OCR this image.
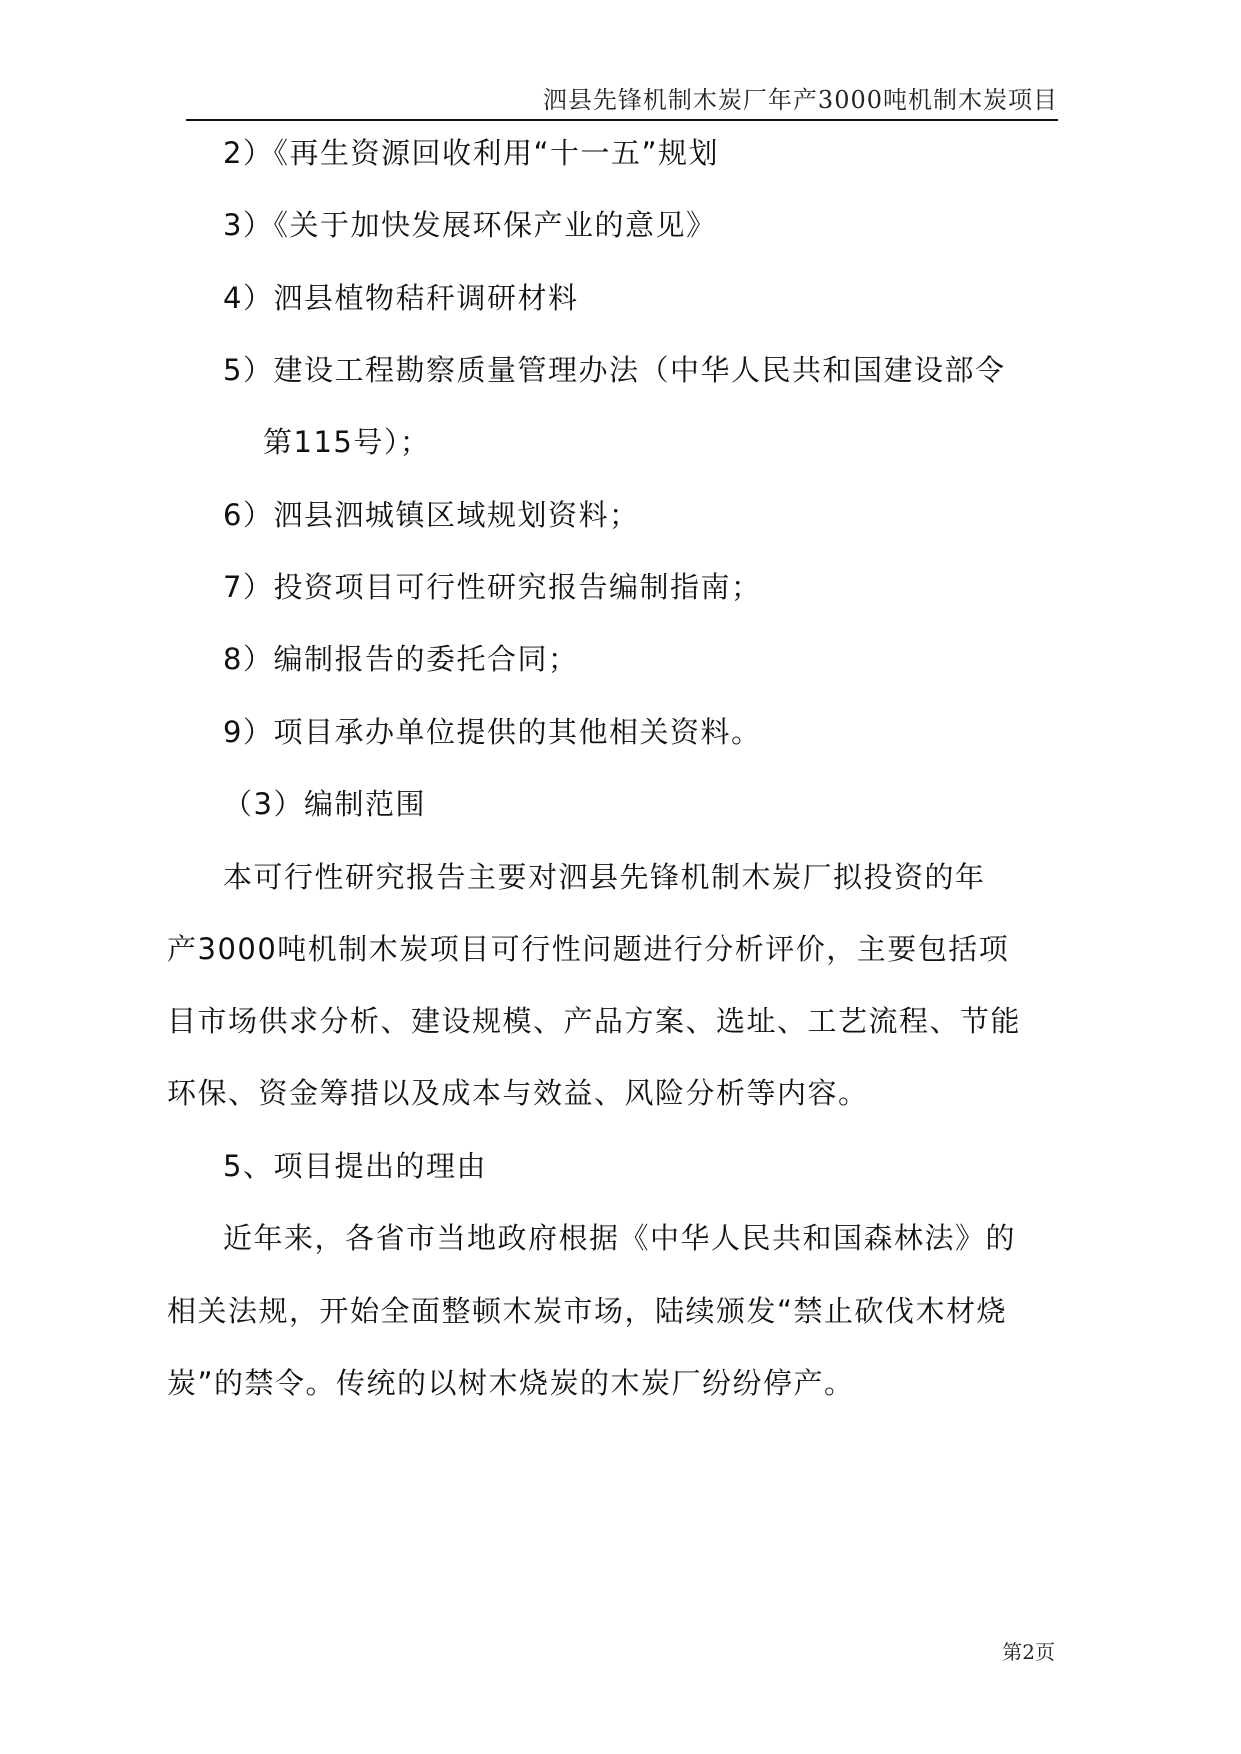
泗县先锋机制木炭厂年产3000吨机制木炭项目
2）《再生资源回收利用“十一五”规划
3）《关于加快发展环保产业的意见》
4）泗县植物秸秆调研材料
5）建设工程勘察质量管理办法（中华人民共和国建设部令
第115号）；
6）泗县泗城镇区域规划资料；
7）投资项目可行性研究报告编制指南；
8）编制报告的委托合同；
9）项目承办单位提供的其他相关资料。
（3）编制范围
本可行性研究报告主要对泗县先锋机制木炭厂拟投资的年
产3000吨机制木炭项目可行性问题进行分析评价，主要包括项
目市场供求分析、建设规模、产品方案、选址、工艺流程、节能
环保、资金筹措以及成本与效益、风险分析等内容。
5、项目提出的理由
近年来，各省市当地政府根据《中华人民共和国森林法》的
相关法规，开始全面整顿木炭市场，陆续颁发“禁止砍伐木材烧
炭”的禁令。传统的以树木烧炭的木炭厂纷纷停产。
第2页
